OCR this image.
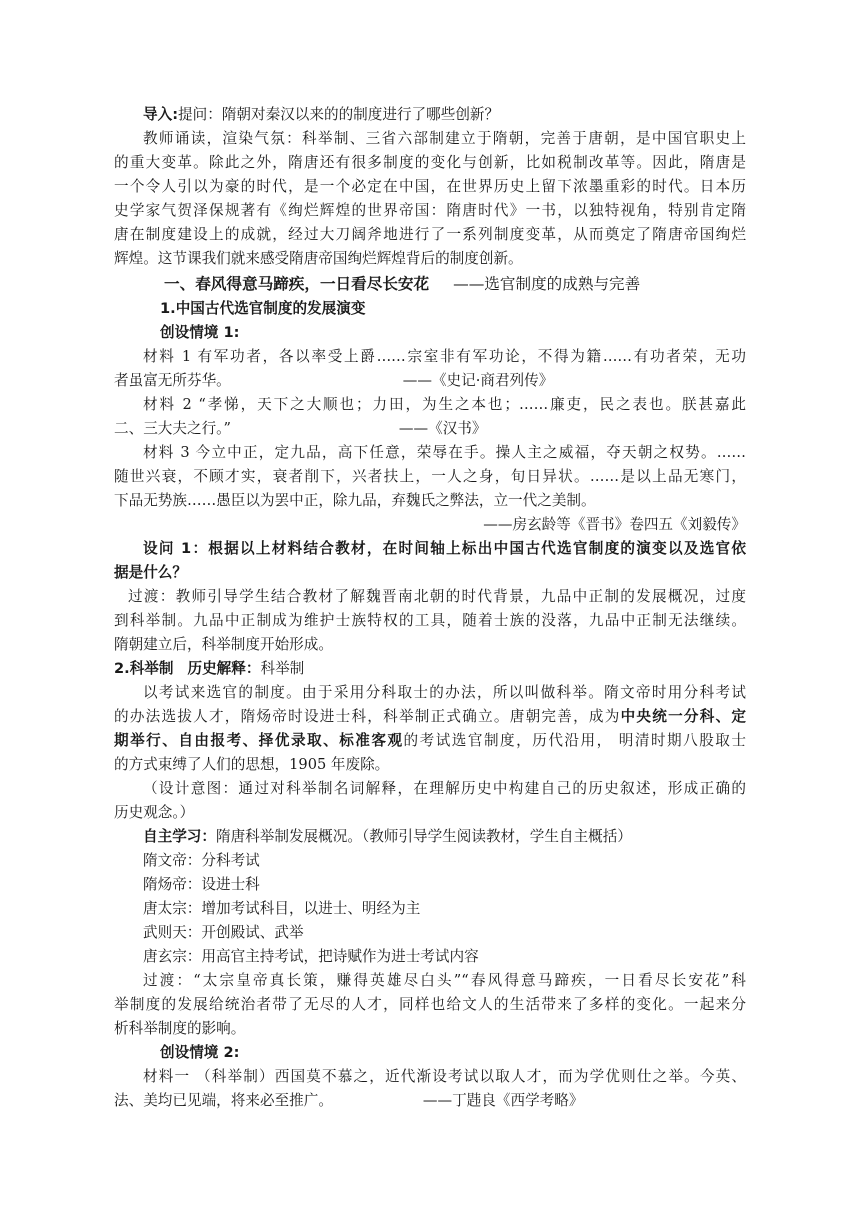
导入:提问：隋朝对秦汉以来的的制度进行了哪些创新？

教师诵读，渲染气氛：科举制、三省六部制建立于隋朝，完善于唐朝，是中国官职史上

的重大变革。除此之外，隋唐还有很多制度的变化与创新，比如税制改革等。因此，隋唐是

一个令人引以为豪的时代，是一个必定在中国，在世界历史上留下浓墨重彩的时代。日本历

史学家气贺泽保规著有《绚烂辉煌的世界帝国：隋唐时代》一书，以独特视角，特别肯定隋

唐在制度建设上的成就，经过大刀阔斧地进行了一系列制度变革，从而奠定了隋唐帝国绚烂

辉煌。这节课我们就来感受隋唐帝国绚烂辉煌背后的制度创新。

一、春风得意马蹄疾，一日看尽长安花 ——选官制度的成熟与完善

1.中国古代选官制度的发展演变

创设情境 1:

材料 1 有军功者，各以率受上爵……宗室非有军功论，不得为籍……有功者荣，无功

者虽富无所芬华。	——《史记·商君列传》

材料 2 “孝悌，天下之大顺也；力田，为生之本也；……廉吏，民之表也。朕甚嘉此

二、三大夫之行。”	——《汉书》

材料 3 今立中正，定九品，高下任意，荣辱在手。操人主之威福，夺天朝之权势。……

随世兴衰，不顾才实，衰者削下，兴者扶上，一人之身，旬日异状。……是以上品无寒门，

下品无势族……愚臣以为罢中正，除九品，弃魏氏之弊法，立一代之美制。

——房玄龄等《晋书》卷四五《刘毅传》

设问 1：根据以上材料结合教材，在时间轴上标出中国古代选官制度的演变以及选官依

据是什么？

过渡：教师引导学生结合教材了解魏晋南北朝的时代背景，九品中正制的发展概况，过度

到科举制。九品中正制成为维护士族特权的工具，随着士族的没落，九品中正制无法继续。

隋朝建立后，科举制度开始形成。

2.科举制 历史解释：科举制

以考试来选官的制度。由于采用分科取士的办法，所以叫做科举。隋文帝时用分科考试

的办法选拔人才，隋炀帝时设进士科，科举制正式确立。唐朝完善，成为中央统一分科、定

期举行、自由报考、择优录取、标准客观的考试选官制度，历代沿用， 明清时期八股取士

的方式束缚了人们的思想，1905 年废除。

（设计意图：通过对科举制名词解释，在理解历史中构建自己的历史叙述，形成正确的

历史观念。）

自主学习：隋唐科举制发展概况。（教师引导学生阅读教材，学生自主概括）

隋文帝：分科考试

隋炀帝：设进士科

唐太宗：增加考试科目，以进士、明经为主

武则天：开创殿试、武举

唐玄宗：用高官主持考试，把诗赋作为进士考试内容

过渡：“太宗皇帝真长策，赚得英雄尽白头”“春风得意马蹄疾，一日看尽长安花”科

举制度的发展给统治者带了无尽的人才，同样也给文人的生活带来了多样的变化。一起来分

析科举制度的影响。

创设情境 2:

材料一 （科举制）西国莫不慕之，近代渐设考试以取人才，而为学优则仕之举。今英、

法、美均已见端，将来必至推广。	——丁韪良《西学考略》
